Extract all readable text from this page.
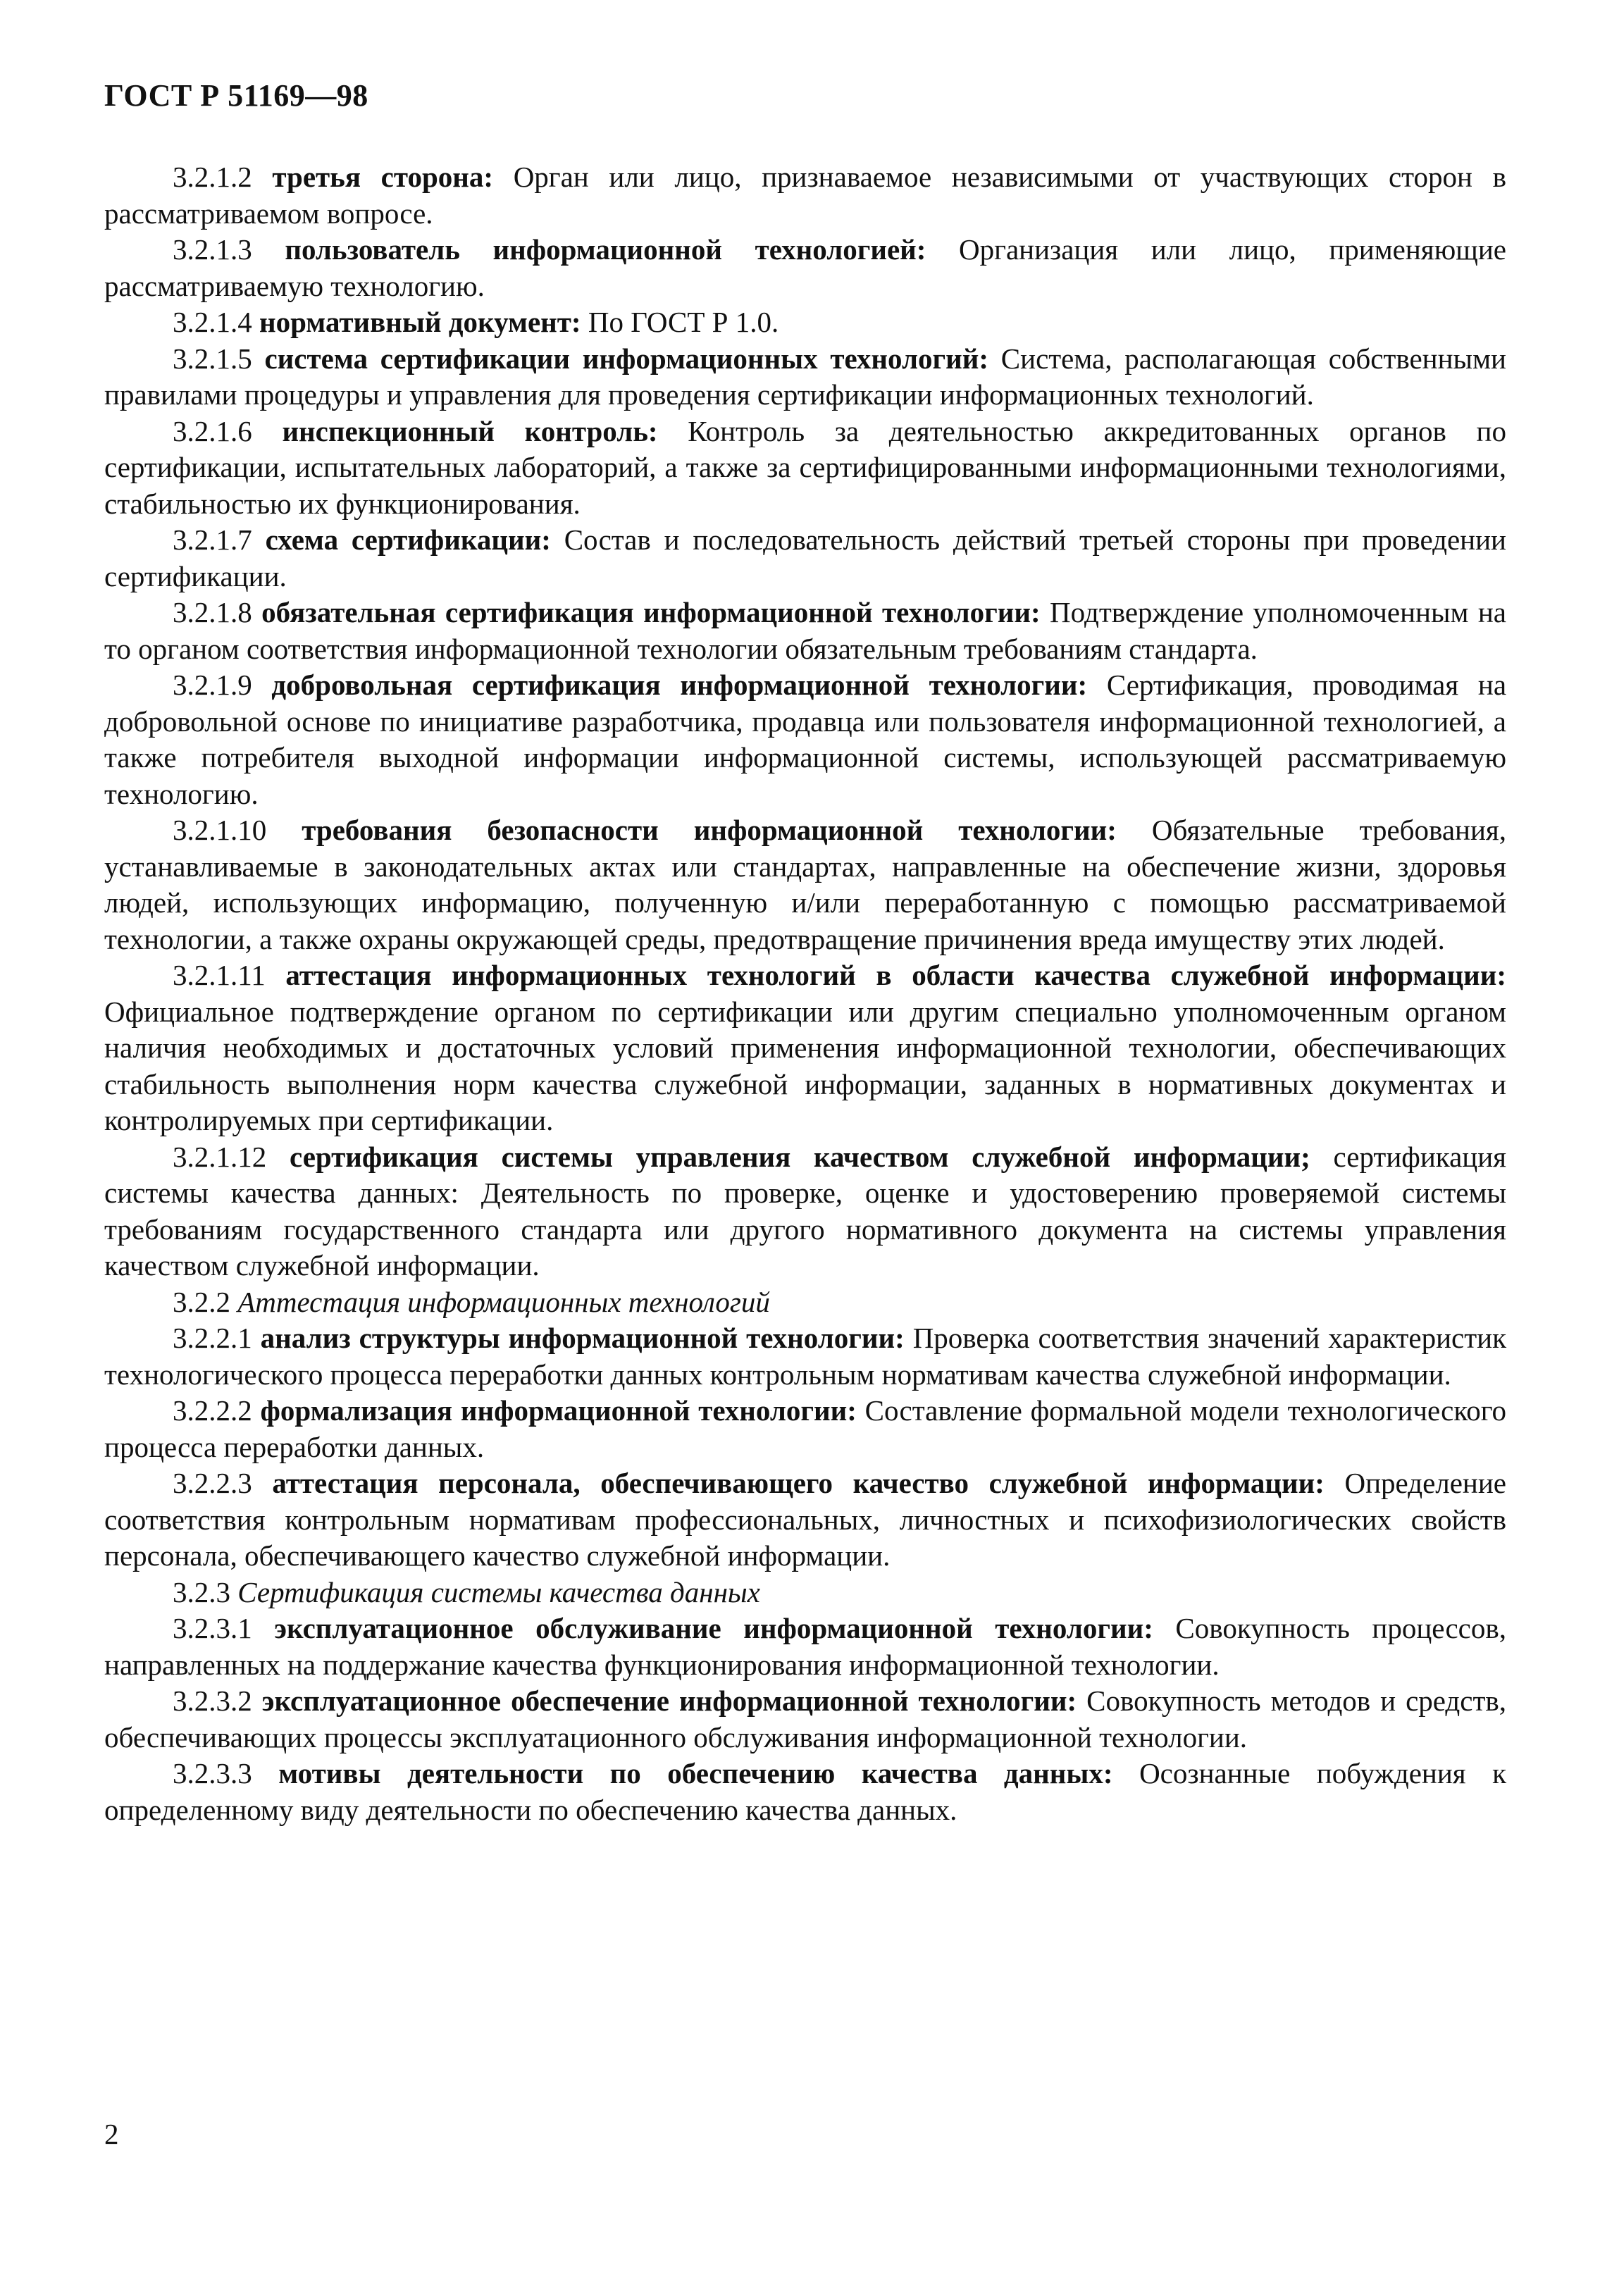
ГОСТ Р 51169—98

3.2.1.2 третья сторона: Орган или лицо, признаваемое независимыми от участвующих сторон в рассматриваемом вопросе.

3.2.1.3 пользователь информационной технологией: Организация или лицо, применяющие рассматриваемую технологию.

3.2.1.4 нормативный документ: По ГОСТ Р 1.0.

3.2.1.5 система сертификации информационных технологий: Система, располагающая собственными правилами процедуры и управления для проведения сертификации информационных технологий.

3.2.1.6 инспекционный контроль: Контроль за деятельностью аккредитованных органов по сертификации, испытательных лабораторий, а также за сертифицированными информационными технологиями, стабильностью их функционирования.

3.2.1.7 схема сертификации: Состав и последовательность действий третьей стороны при проведении сертификации.

3.2.1.8 обязательная сертификация информационной технологии: Подтверждение уполномоченным на то органом соответствия информационной технологии обязательным требованиям стандарта.

3.2.1.9 добровольная сертификация информационной технологии: Сертификация, проводимая на добровольной основе по инициативе разработчика, продавца или пользователя информационной технологией, а также потребителя выходной информации информационной системы, использующей рассматриваемую технологию.

3.2.1.10 требования безопасности информационной технологии: Обязательные требования, устанавливаемые в законодательных актах или стандартах, направленные на обеспечение жизни, здоровья людей, использующих информацию, полученную и/или переработанную с помощью рассматриваемой технологии, а также охраны окружающей среды, предотвращение причинения вреда имуществу этих людей.

3.2.1.11 аттестация информационных технологий в области качества служебной информации: Официальное подтверждение органом по сертификации или другим специально уполномоченным органом наличия необходимых и достаточных условий применения информационной технологии, обеспечивающих стабильность выполнения норм качества служебной информации, заданных в нормативных документах и контролируемых при сертификации.

3.2.1.12 сертификация системы управления качеством служебной информации; сертификация системы качества данных: Деятельность по проверке, оценке и удостоверению проверяемой системы требованиям государственного стандарта или другого нормативного документа на системы управления качеством служебной информации.

3.2.2 Аттестация информационных технологий

3.2.2.1 анализ структуры информационной технологии: Проверка соответствия значений характеристик технологического процесса переработки данных контрольным нормативам качества служебной информации.

3.2.2.2 формализация информационной технологии: Составление формальной модели технологического процесса переработки данных.

3.2.2.3 аттестация персонала, обеспечивающего качество служебной информации: Определение соответствия контрольным нормативам профессиональных, личностных и психофизиологических свойств персонала, обеспечивающего качество служебной информации.

3.2.3 Сертификация системы качества данных

3.2.3.1 эксплуатационное обслуживание информационной технологии: Совокупность процессов, направленных на поддержание качества функционирования информационной технологии.

3.2.3.2 эксплуатационное обеспечение информационной технологии: Совокупность методов и средств, обеспечивающих процессы эксплуатационного обслуживания информационной технологии.

3.2.3.3 мотивы деятельности по обеспечению качества данных: Осознанные побуждения к определенному виду деятельности по обеспечению качества данных.

2
